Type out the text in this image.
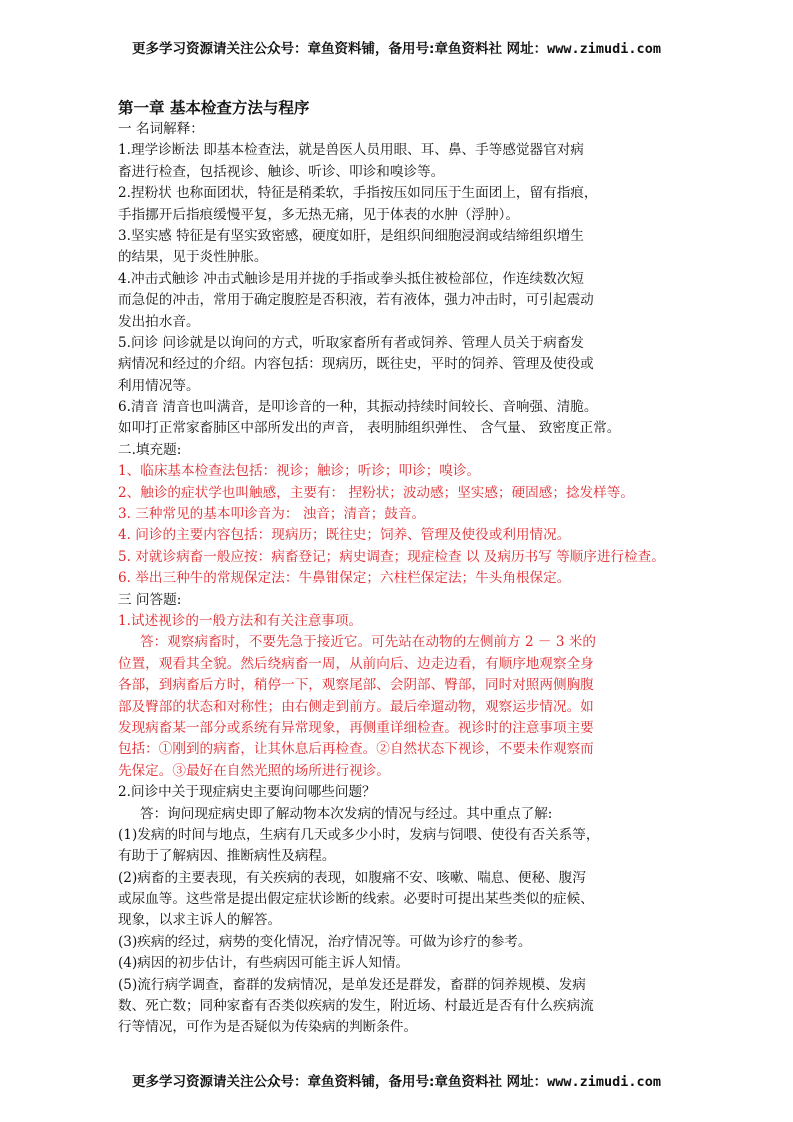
更多学习资源请关注公众号：章鱼资料铺，备用号:章鱼资料社 网址：www.zimudi.com
第一章 基本检查方法与程序
一 名词解释：
1.理学诊断法 即基本检查法，就是兽医人员用眼、耳、鼻、手等感觉器官对病
畜进行检查，包括视诊、触诊、听诊、叩诊和嗅诊等。
2.捏粉状 也称面团状，特征是稍柔软，手指按压如同压于生面团上，留有指痕，
手指挪开后指痕缓慢平复，多无热无痛，见于体表的水肿（浮肿）。
3.坚实感 特征是有坚实致密感，硬度如肝，是组织间细胞浸润或结缔组织增生
的结果，见于炎性肿胀。
4.冲击式触诊 冲击式触诊是用并拢的手指或拳头抵住被检部位，作连续数次短
而急促的冲击，常用于确定腹腔是否积液，若有液体，强力冲击时，可引起震动
发出拍水音。
5.问诊 问诊就是以询问的方式，听取家畜所有者或饲养、管理人员关于病畜发
病情况和经过的介绍。内容包括：现病历，既往史，平时的饲养、管理及使役或
利用情况等。
6.清音 清音也叫满音，是叩诊音的一种，其振动持续时间较长、音响强、清脆。
如叩打正常家畜肺区中部所发出的声音， 表明肺组织弹性、 含气量、 致密度正常。
二.填充题:
1、临床基本检查法包括：视诊；触诊；听诊；叩诊；嗅诊。
2、触诊的症状学也叫触感，主要有： 捏粉状；波动感；坚实感；硬固感；捻发样等。
3. 三种常见的基本叩诊音为： 浊音；清音；鼓音。
4. 问诊的主要内容包括：现病历；既往史；饲养、管理及使役或利用情况。
5. 对就诊病畜一般应按：病畜登记；病史调查；现症检查 以 及病历书写 等顺序进行检查。
6. 举出三种牛的常规保定法：牛鼻钳保定；六柱栏保定法；牛头角根保定。
三 问答题:
1.试述视诊的一般方法和有关注意事项。
答：观察病畜时，不要先急于接近它。可先站在动物的左侧前方 2 － 3 米的
位置，观看其全貌。然后绕病畜一周，从前向后、边走边看，有顺序地观察全身
各部，到病畜后方时，稍停一下，观察尾部、会阴部、臀部，同时对照两侧胸腹
部及臀部的状态和对称性；由右侧走到前方。最后牵遛动物，观察运步情况。如
发现病畜某一部分或系统有异常现象，再侧重详细检查。视诊时的注意事项主要
包括：①刚到的病畜，让其休息后再检查。②自然状态下视诊，不要未作观察而
先保定。③最好在自然光照的场所进行视诊。
2.问诊中关于现症病史主要询问哪些问题？
答：询问现症病史即了解动物本次发病的情况与经过。其中重点了解:
(1)发病的时间与地点，生病有几天或多少小时，发病与饲喂、使役有否关系等，
有助于了解病因、推断病性及病程。
(2)病畜的主要表现，有关疾病的表现，如腹痛不安、咳嗽、喘息、便秘、腹泻
或尿血等。这些常是提出假定症状诊断的线索。必要时可提出某些类似的症候、
现象，以求主诉人的解答。
(3)疾病的经过，病势的变化情况，治疗情况等。可做为诊疗的参考。
(4)病因的初步估计，有些病因可能主诉人知情。
(5)流行病学调查，畜群的发病情况，是单发还是群发，畜群的饲养规模、发病
数、死亡数；同种家畜有否类似疾病的发生，附近场、村最近是否有什么疾病流
行等情况，可作为是否疑似为传染病的判断条件。
更多学习资源请关注公众号：章鱼资料铺，备用号:章鱼资料社 网址：www.zimudi.com
